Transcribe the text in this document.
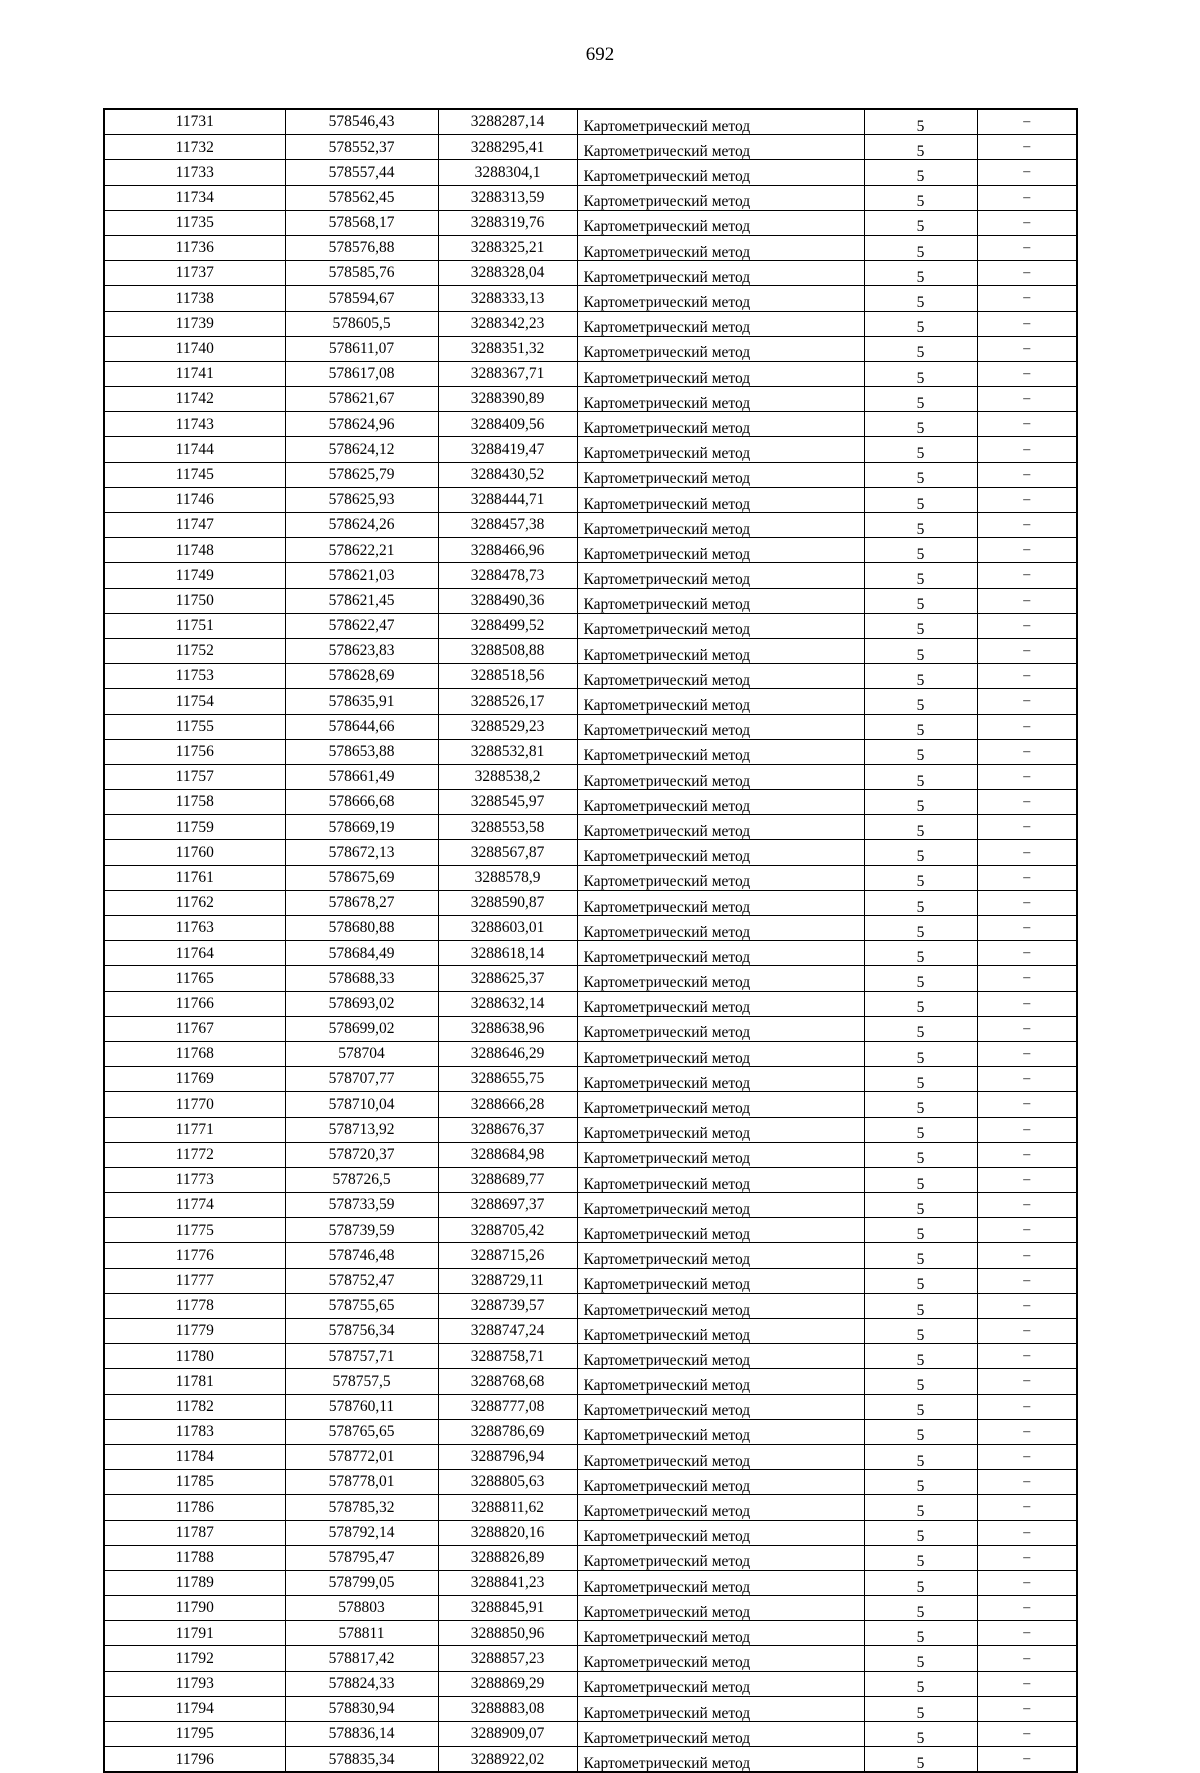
692
11731	578546,43	3288287,14	Картометрический метод	5	–
11732	578552,37	3288295,41	Картометрический метод	5	–
11733	578557,44	3288304,1	Картометрический метод	5	–
11734	578562,45	3288313,59	Картометрический метод	5	–
11735	578568,17	3288319,76	Картометрический метод	5	–
11736	578576,88	3288325,21	Картометрический метод	5	–
11737	578585,76	3288328,04	Картометрический метод	5	–
11738	578594,67	3288333,13	Картометрический метод	5	–
11739	578605,5	3288342,23	Картометрический метод	5	–
11740	578611,07	3288351,32	Картометрический метод	5	–
11741	578617,08	3288367,71	Картометрический метод	5	–
11742	578621,67	3288390,89	Картометрический метод	5	–
11743	578624,96	3288409,56	Картометрический метод	5	–
11744	578624,12	3288419,47	Картометрический метод	5	–
11745	578625,79	3288430,52	Картометрический метод	5	–
11746	578625,93	3288444,71	Картометрический метод	5	–
11747	578624,26	3288457,38	Картометрический метод	5	–
11748	578622,21	3288466,96	Картометрический метод	5	–
11749	578621,03	3288478,73	Картометрический метод	5	–
11750	578621,45	3288490,36	Картометрический метод	5	–
11751	578622,47	3288499,52	Картометрический метод	5	–
11752	578623,83	3288508,88	Картометрический метод	5	–
11753	578628,69	3288518,56	Картометрический метод	5	–
11754	578635,91	3288526,17	Картометрический метод	5	–
11755	578644,66	3288529,23	Картометрический метод	5	–
11756	578653,88	3288532,81	Картометрический метод	5	–
11757	578661,49	3288538,2	Картометрический метод	5	–
11758	578666,68	3288545,97	Картометрический метод	5	–
11759	578669,19	3288553,58	Картометрический метод	5	–
11760	578672,13	3288567,87	Картометрический метод	5	–
11761	578675,69	3288578,9	Картометрический метод	5	–
11762	578678,27	3288590,87	Картометрический метод	5	–
11763	578680,88	3288603,01	Картометрический метод	5	–
11764	578684,49	3288618,14	Картометрический метод	5	–
11765	578688,33	3288625,37	Картометрический метод	5	–
11766	578693,02	3288632,14	Картометрический метод	5	–
11767	578699,02	3288638,96	Картометрический метод	5	–
11768	578704	3288646,29	Картометрический метод	5	–
11769	578707,77	3288655,75	Картометрический метод	5	–
11770	578710,04	3288666,28	Картометрический метод	5	–
11771	578713,92	3288676,37	Картометрический метод	5	–
11772	578720,37	3288684,98	Картометрический метод	5	–
11773	578726,5	3288689,77	Картометрический метод	5	–
11774	578733,59	3288697,37	Картометрический метод	5	–
11775	578739,59	3288705,42	Картометрический метод	5	–
11776	578746,48	3288715,26	Картометрический метод	5	–
11777	578752,47	3288729,11	Картометрический метод	5	–
11778	578755,65	3288739,57	Картометрический метод	5	–
11779	578756,34	3288747,24	Картометрический метод	5	–
11780	578757,71	3288758,71	Картометрический метод	5	–
11781	578757,5	3288768,68	Картометрический метод	5	–
11782	578760,11	3288777,08	Картометрический метод	5	–
11783	578765,65	3288786,69	Картометрический метод	5	–
11784	578772,01	3288796,94	Картометрический метод	5	–
11785	578778,01	3288805,63	Картометрический метод	5	–
11786	578785,32	3288811,62	Картометрический метод	5	–
11787	578792,14	3288820,16	Картометрический метод	5	–
11788	578795,47	3288826,89	Картометрический метод	5	–
11789	578799,05	3288841,23	Картометрический метод	5	–
11790	578803	3288845,91	Картометрический метод	5	–
11791	578811	3288850,96	Картометрический метод	5	–
11792	578817,42	3288857,23	Картометрический метод	5	–
11793	578824,33	3288869,29	Картометрический метод	5	–
11794	578830,94	3288883,08	Картометрический метод	5	–
11795	578836,14	3288909,07	Картометрический метод	5	–
11796	578835,34	3288922,02	Картометрический метод	5	–
